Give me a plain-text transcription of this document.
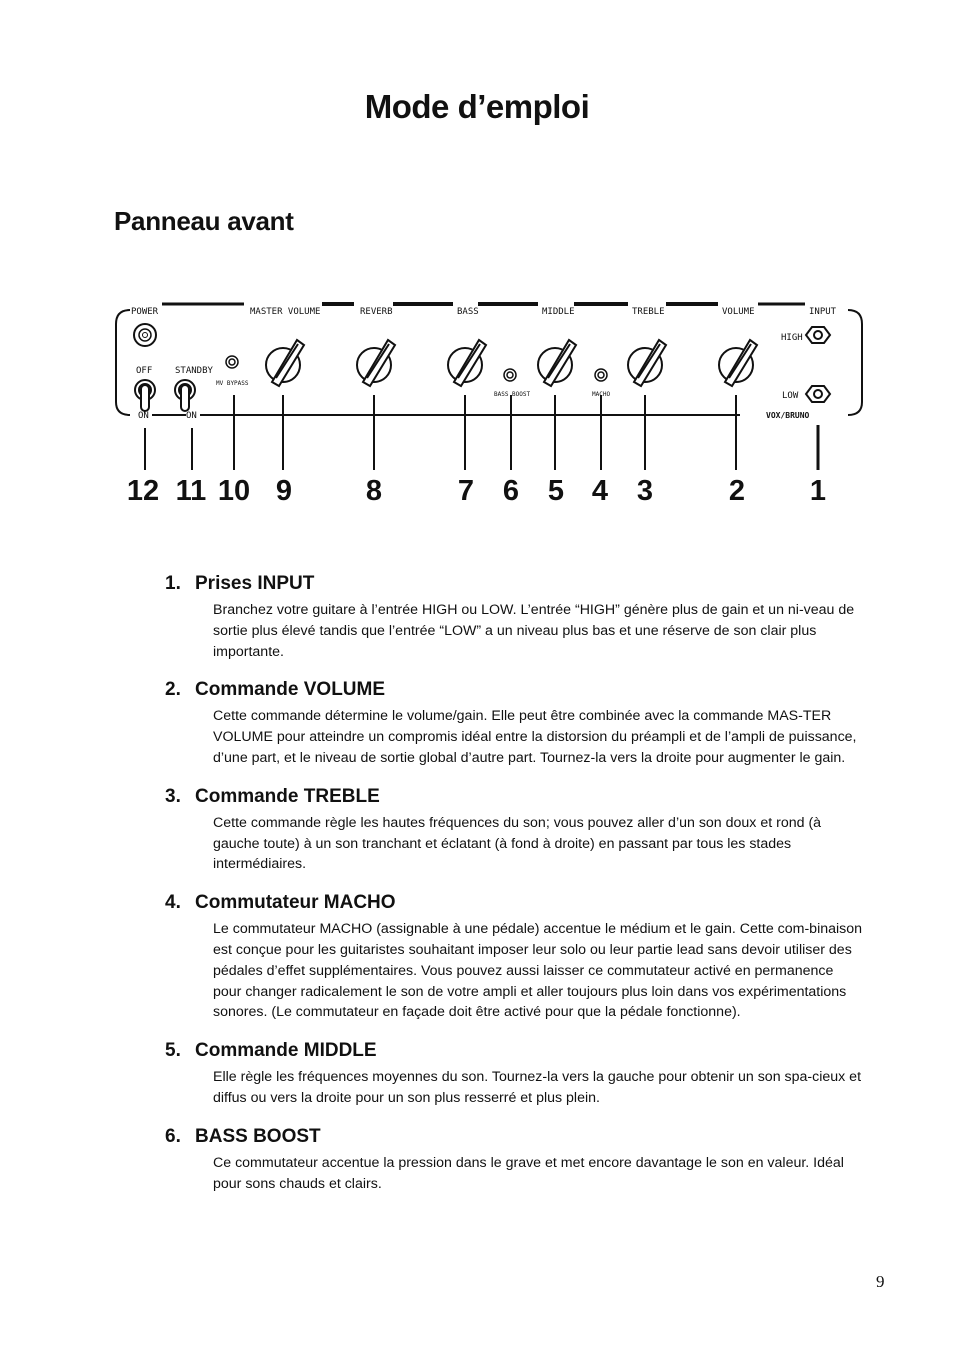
Mode d’emploi
Panneau avant
POWER	MASTER VOLUME	REVERB	BASS	MIDDLE	TREBLE	VOLUME	INPUT
HIGH
LOW
OFF
ON
STANDBY
ON
MV BYPASS
BASS BOOST	MACHO
VOX/BRUNO
12 11 10 9	8	7 6 5 4 3	2	1
1. Prises INPUT

Branchez votre guitare à l’entrée HIGH ou LOW. L’entrée “HIGH” génère plus de gain et un ni-veau de sortie plus élevé tandis que l’entrée “LOW” a un niveau plus bas et une réserve de son clair plus importante.

2. Commande VOLUME

Cette commande détermine le volume/gain. Elle peut être combinée avec la commande MAS-TER VOLUME pour atteindre un compromis idéal entre la distorsion du préampli et de l’ampli de puissance, d’une part, et le niveau de sortie global d’autre part. Tournez-la vers la droite pour augmenter le gain.

3. Commande TREBLE

Cette commande règle les hautes fréquences du son; vous pouvez aller d’un son doux et rond (à gauche toute) à un son tranchant et éclatant (à fond à droite) en passant par tous les stades intermédiaires.

4. Commutateur MACHO

Le commutateur MACHO (assignable à une pédale) accentue le médium et le gain. Cette com-binaison est conçue pour les guitaristes souhaitant imposer leur solo ou leur partie lead sans devoir utiliser des pédales d’effet supplémentaires. Vous pouvez aussi laisser ce commutateur activé en permanence pour changer radicalement le son de votre ampli et aller toujours plus loin dans vos expérimentations sonores. (Le commutateur en façade doit être activé pour que la pédale fonctionne).

5. Commande MIDDLE

Elle règle les fréquences moyennes du son. Tournez-la vers la gauche pour obtenir un son spa-cieux et diffus ou vers la droite pour un son plus resserré et plus plein.

6. BASS BOOST

Ce commutateur accentue la pression dans le grave et met encore davantage le son en valeur. Idéal pour sons chauds et clairs.

9
